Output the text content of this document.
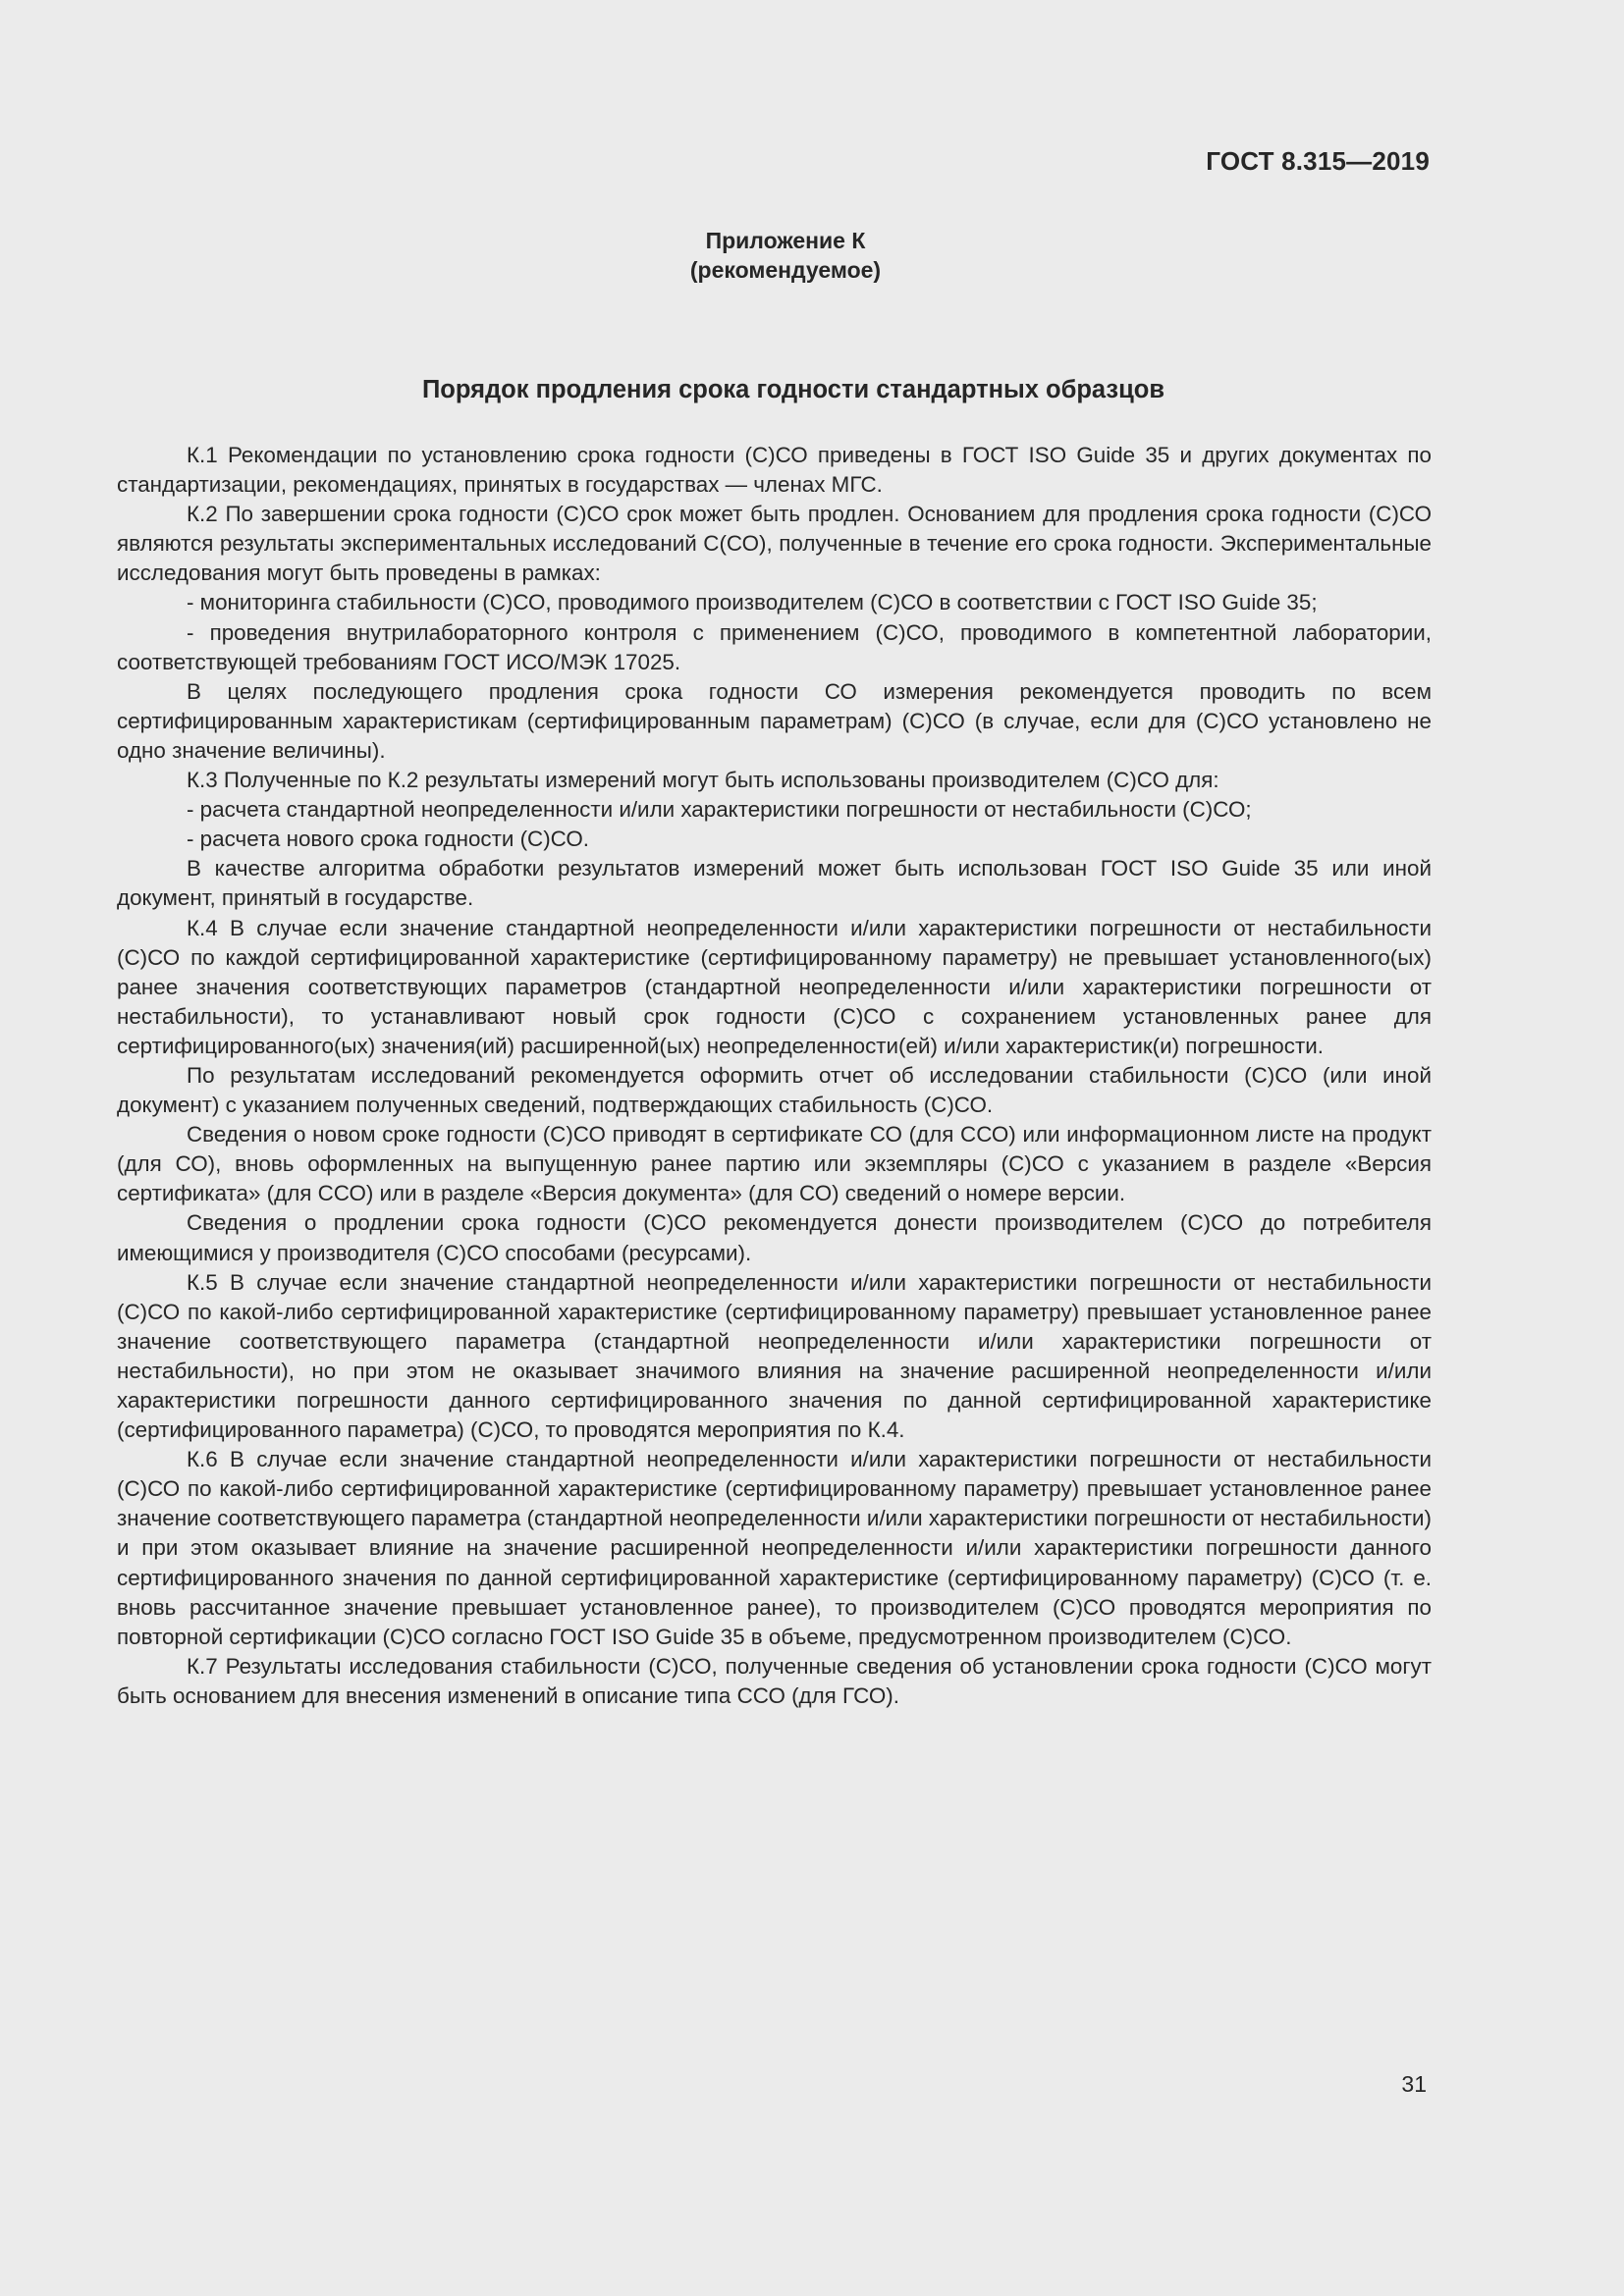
ГОСТ 8.315—2019
Приложение К
(рекомендуемое)
Порядок продления срока годности стандартных образцов

К.1 Рекомендации по установлению срока годности (С)СО приведены в ГОСТ ISO Guide 35 и других документах по стандартизации, рекомендациях, принятых в государствах — членах МГС.

К.2 По завершении срока годности (С)СО срок может быть продлен. Основанием для продления срока годности (С)СО являются результаты экспериментальных исследований С(СО), полученные в течение его срока годности. Экспериментальные исследования могут быть проведены в рамках:

- мониторинга стабильности (С)СО, проводимого производителем (С)СО в соответствии с ГОСТ ISO Guide 35;

- проведения внутрилабораторного контроля с применением (С)СО, проводимого в компетентной лаборатории, соответствующей требованиям ГОСТ ИСО/МЭК 17025.

В целях последующего продления срока годности СО измерения рекомендуется проводить по всем сертифицированным характеристикам (сертифицированным параметрам) (С)СО (в случае, если для (С)СО установлено не одно значение величины).

К.3 Полученные по К.2 результаты измерений могут быть использованы производителем (С)СО для:

- расчета стандартной неопределенности и/или характеристики погрешности от нестабильности (С)СО;

- расчета нового срока годности (С)СО.

В качестве алгоритма обработки результатов измерений может быть использован ГОСТ ISO Guide 35 или иной документ, принятый в государстве.

К.4 В случае если значение стандартной неопределенности и/или характеристики погрешности от нестабильности (С)СО по каждой сертифицированной характеристике (сертифицированному параметру) не превышает установленного(ых) ранее значения соответствующих параметров (стандартной неопределенности и/или характеристики погрешности от нестабильности), то устанавливают новый срок годности (С)СО с сохранением установленных ранее для сертифицированного(ых) значения(ий) расширенной(ых) неопределенности(ей) и/или характеристик(и) погрешности.

По результатам исследований рекомендуется оформить отчет об исследовании стабильности (С)СО (или иной документ) с указанием полученных сведений, подтверждающих стабильность (С)СО.

Сведения о новом сроке годности (С)СО приводят в сертификате СО (для ССО) или информационном листе на продукт (для СО), вновь оформленных на выпущенную ранее партию или экземпляры (С)СО с указанием в разделе «Версия сертификата» (для ССО) или в разделе «Версия документа» (для СО) сведений о номере версии.

Сведения о продлении срока годности (С)СО рекомендуется донести производителем (С)СО до потребителя имеющимися у производителя (С)СО способами (ресурсами).

К.5 В случае если значение стандартной неопределенности и/или характеристики погрешности от нестабильности (С)СО по какой-либо сертифицированной характеристике (сертифицированному параметру) превышает установленное ранее значение соответствующего параметра (стандартной неопределенности и/или характеристики погрешности от нестабильности), но при этом не оказывает значимого влияния на значение расширенной неопределенности и/или характеристики погрешности данного сертифицированного значения по данной сертифицированной характеристике (сертифицированного параметра) (С)СО, то проводятся мероприятия по К.4.

К.6 В случае если значение стандартной неопределенности и/или характеристики погрешности от нестабильности (С)СО по какой-либо сертифицированной характеристике (сертифицированному параметру) превышает установленное ранее значение соответствующего параметра (стандартной неопределенности и/или характеристики погрешности от нестабильности) и при этом оказывает влияние на значение расширенной неопределенности и/или характеристики погрешности данного сертифицированного значения по данной сертифицированной характеристике (сертифицированному параметру) (С)СО (т. е. вновь рассчитанное значение превышает установленное ранее), то производителем (С)СО проводятся мероприятия по повторной сертификации (С)СО согласно ГОСТ ISO Guide 35 в объеме, предусмотренном производителем (С)СО.

К.7 Результаты исследования стабильности (С)СО, полученные сведения об установлении срока годности (С)СО могут быть основанием для внесения изменений в описание типа ССО (для ГСО).

31
